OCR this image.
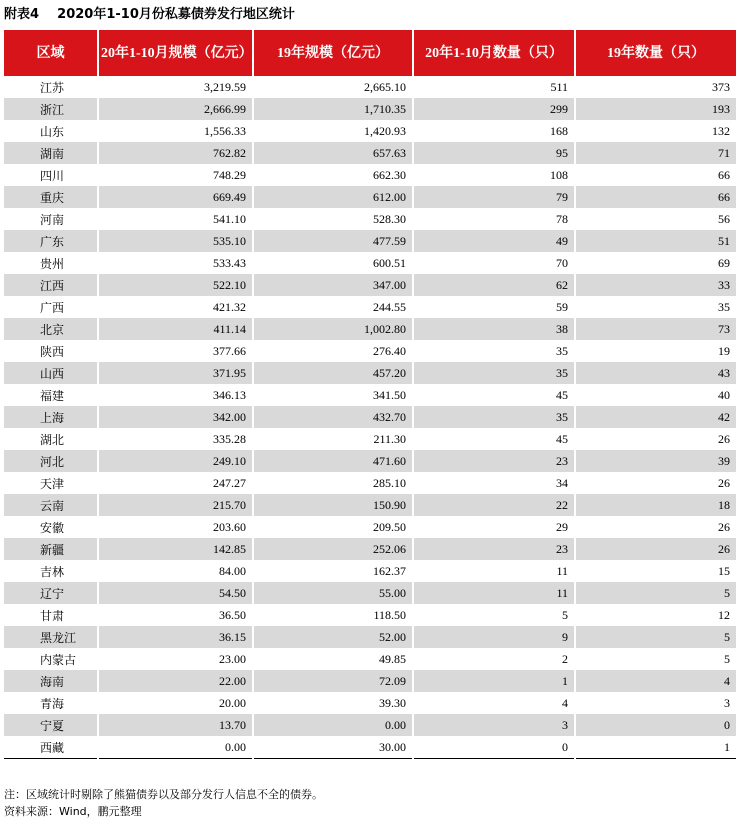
附表4 2020年1-10月份私募债券发行地区统计
区域	20年1-10月规模（亿元）	19年规模（亿元）	20年1-10月数量（只）	19年数量（只）
江苏	3,219.59	2,665.10	511	373
浙江	2,666.99	1,710.35	299	193
山东	1,556.33	1,420.93	168	132
湖南	762.82	657.63	95	71
四川	748.29	662.30	108	66
重庆	669.49	612.00	79	66
河南	541.10	528.30	78	56
广东	535.10	477.59	49	51
贵州	533.43	600.51	70	69
江西	522.10	347.00	62	33
广西	421.32	244.55	59	35
北京	411.14	1,002.80	38	73
陕西	377.66	276.40	35	19
山西	371.95	457.20	35	43
福建	346.13	341.50	45	40
上海	342.00	432.70	35	42
湖北	335.28	211.30	45	26
河北	249.10	471.60	23	39
天津	247.27	285.10	34	26
云南	215.70	150.90	22	18
安徽	203.60	209.50	29	26
新疆	142.85	252.06	23	26
吉林	84.00	162.37	11	15
辽宁	54.50	55.00	11	5
甘肃	36.50	118.50	5	12
黑龙江	36.15	52.00	9	5
内蒙古	23.00	49.85	2	5
海南	22.00	72.09	1	4
青海	20.00	39.30	4	3
宁夏	13.70	0.00	3	0
西藏	0.00	30.00	0	1
注：区域统计时剔除了熊猫债券以及部分发行人信息不全的债券。
资料来源：Wind，鹏元整理
